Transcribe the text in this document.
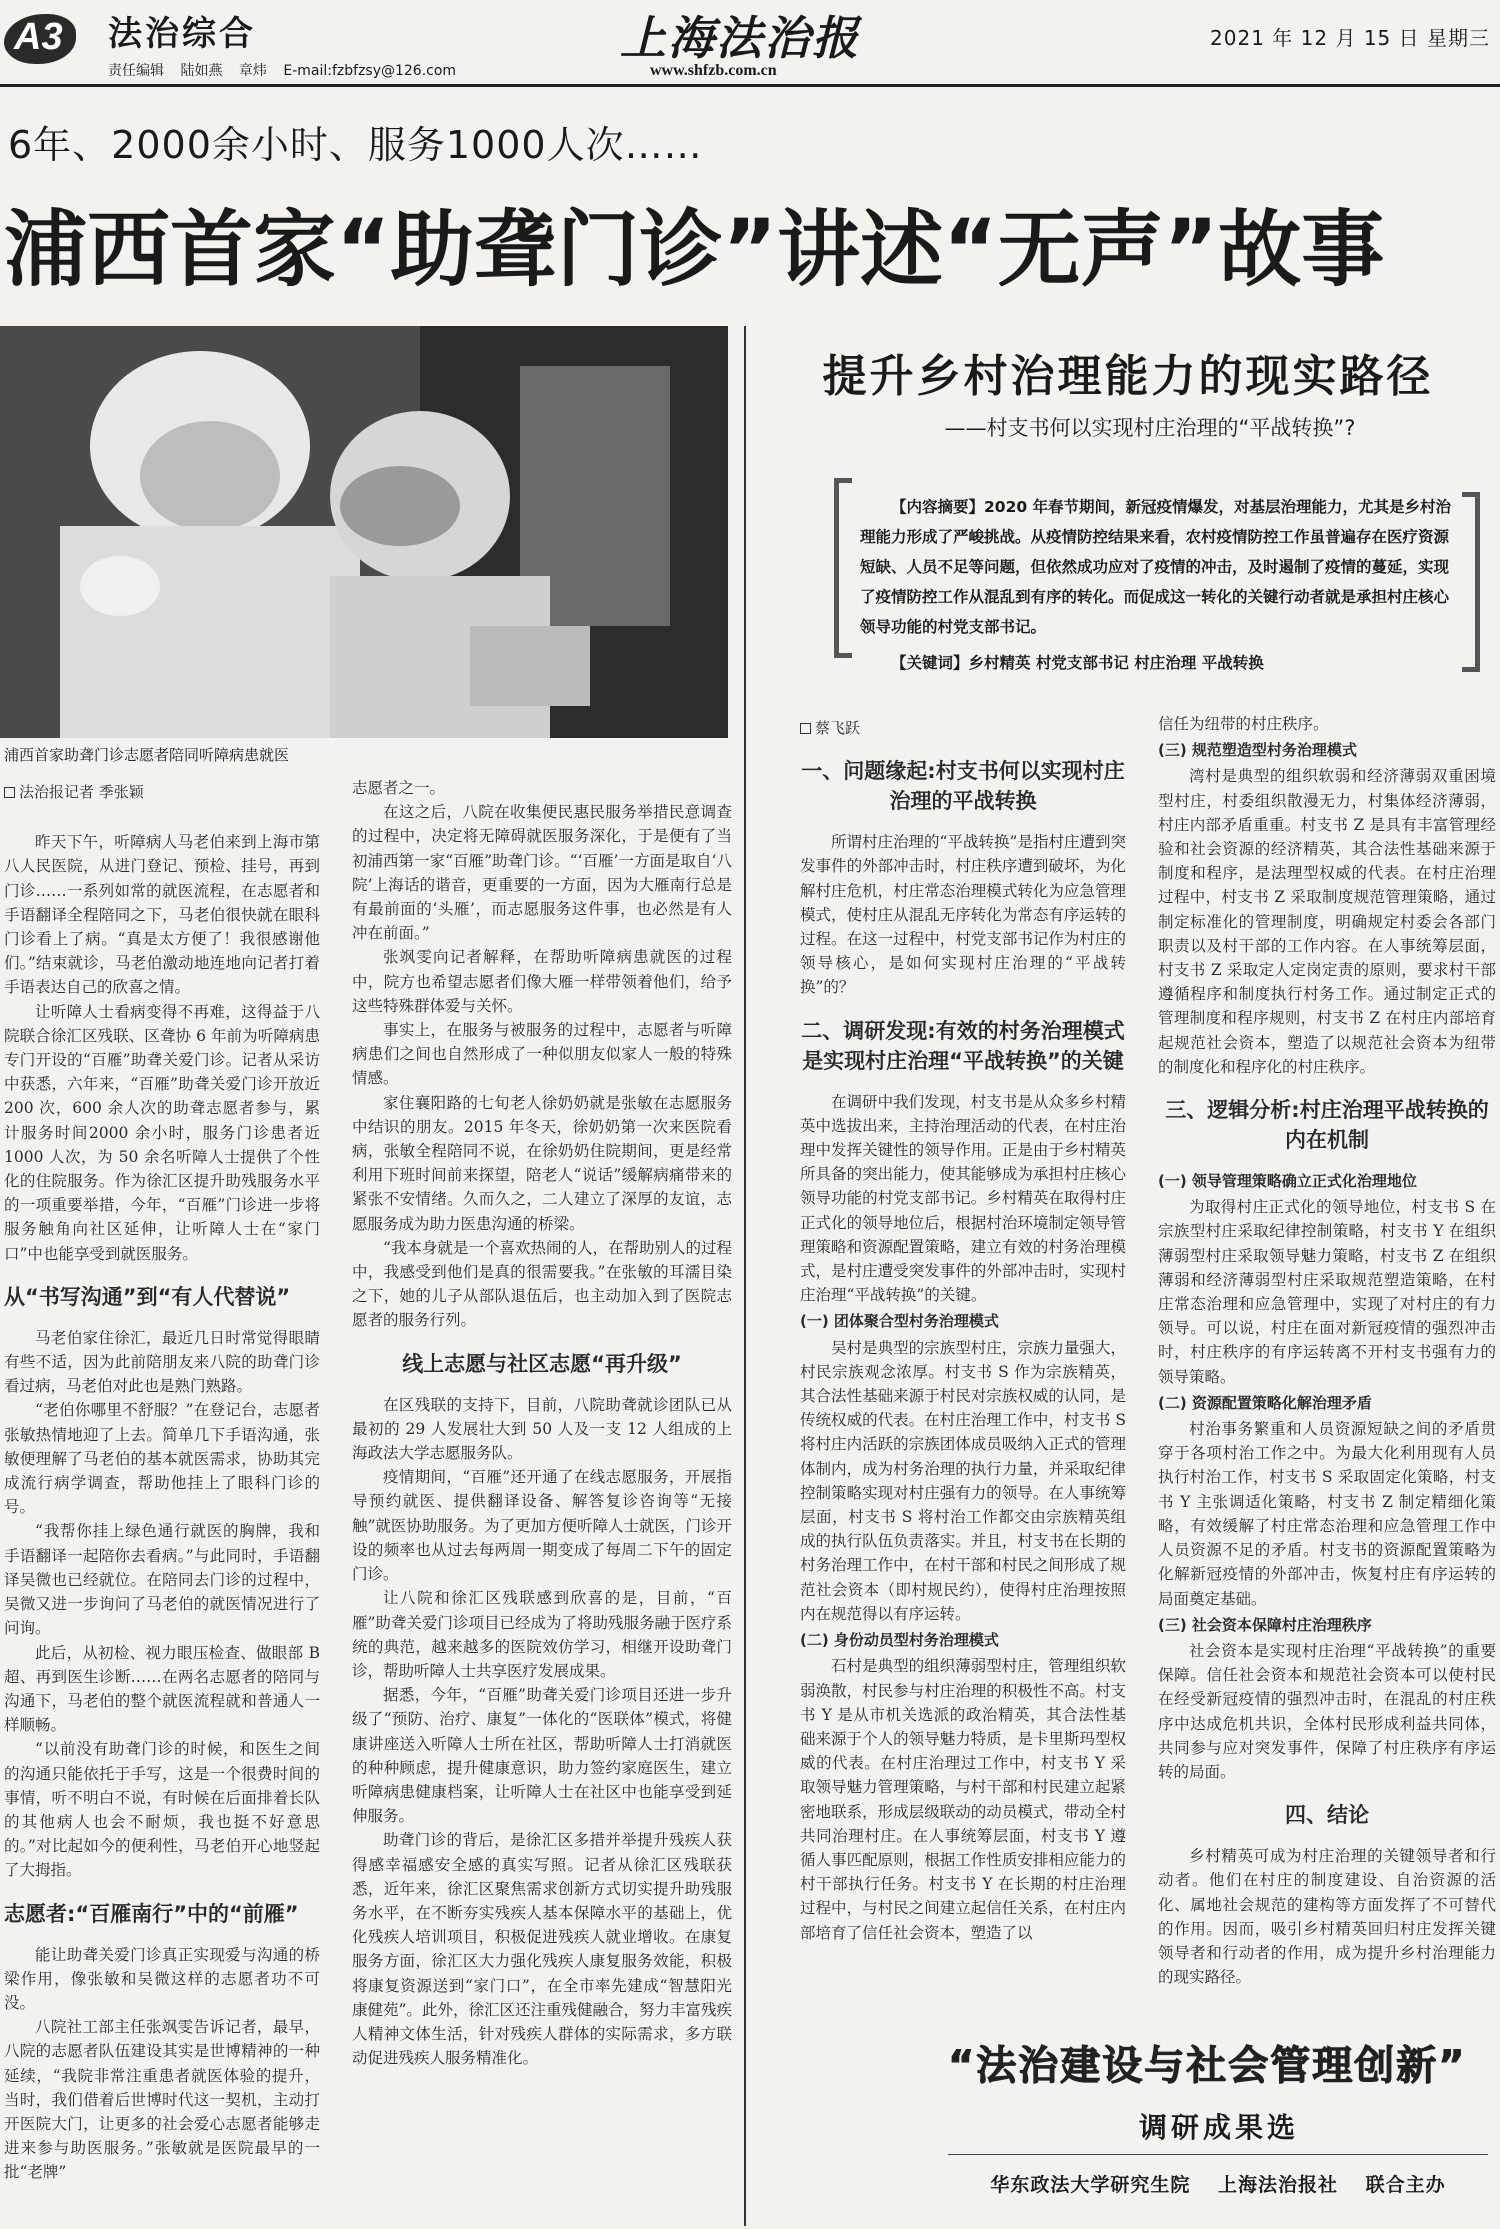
A3 法治综合
责任编辑 陆如燕 章炜 E-mail:fzbfzsy@126.com
上海法治报
www.shfzb.com.cn
2021 年 12 月 15 日 星期三
6年、2000余小时、服务1000人次……
浦西首家“助聋门诊”讲述“无声”故事
浦西首家助聋门诊志愿者陪同听障病患就医
法治报记者 季张颖

昨天下午，听障病人马老伯来到上海市第八人民医院，从进门登记、预检、挂号，再到门诊……一系列如常的就医流程，在志愿者和手语翻译全程陪同之下，马老伯很快就在眼科门诊看上了病。“真是太方便了！我很感谢他们。”结束就诊，马老伯激动地连地向记者打着手语表达自己的欣喜之情。

让听障人士看病变得不再难，这得益于八院联合徐汇区残联、区聋协 6 年前为听障病患专门开设的“百雁”助聋关爱门诊。记者从采访中获悉，六年来，“百雁”助聋关爱门诊开放近 200 次，600 余人次的助聋志愿者参与，累计服务时间2000 余小时，服务门诊患者近 1000 人次，为 50 余名听障人士提供了个性化的住院服务。作为徐汇区提升助残服务水平的一项重要举措，今年，“百雁”门诊进一步将服务触角向社区延伸，让听障人士在“家门口”中也能享受到就医服务。

从“书写沟通”到“有人代替说”

马老伯家住徐汇，最近几日时常觉得眼睛有些不适，因为此前陪朋友来八院的助聋门诊看过病，马老伯对此也是熟门熟路。

“老伯你哪里不舒服？”在登记台，志愿者张敏热情地迎了上去。简单几下手语沟通，张敏便理解了马老伯的基本就医需求，协助其完成流行病学调查，帮助他挂上了眼科门诊的号。

“我帮你挂上绿色通行就医的胸牌，我和手语翻译一起陪你去看病。”与此同时，手语翻译吴微也已经就位。在陪同去门诊的过程中，吴微又进一步询问了马老伯的就医情况进行了问询。

此后，从初检、视力眼压检查、做眼部 B 超、再到医生诊断……在两名志愿者的陪同与沟通下，马老伯的整个就医流程就和普通人一样顺畅。

“以前没有助聋门诊的时候，和医生之间的沟通只能依托于手写，这是一个很费时间的事情，听不明白不说，有时候在后面排着长队的其他病人也会不耐烦，我也挺不好意思的。”对比起如今的便利性，马老伯开心地竖起了大拇指。

志愿者:“百雁南行”中的“前雁”

能让助聋关爱门诊真正实现爱与沟通的桥梁作用，像张敏和吴微这样的志愿者功不可没。

八院社工部主任张飒雯告诉记者，最早，八院的志愿者队伍建设其实是世博精神的一种延续，“我院非常注重患者就医体验的提升，当时，我们借着后世博时代这一契机，主动打开医院大门，让更多的社会爱心志愿者能够走进来参与助医服务。”张敏就是医院最早的一批“老牌”

志愿者之一。

在这之后，八院在收集便民惠民服务举措民意调查的过程中，决定将无障碍就医服务深化，于是便有了当初浦西第一家“百雁”助聋门诊。“‘百雁’一方面是取自‘八院’上海话的谐音，更重要的一方面，因为大雁南行总是有最前面的‘头雁’，而志愿服务这件事，也必然是有人冲在前面。”

张飒雯向记者解释，在帮助听障病患就医的过程中，院方也希望志愿者们像大雁一样带领着他们，给予这些特殊群体爱与关怀。

事实上，在服务与被服务的过程中，志愿者与听障病患们之间也自然形成了一种似朋友似家人一般的特殊情感。

家住襄阳路的七旬老人徐奶奶就是张敏在志愿服务中结识的朋友。2015 年冬天，徐奶奶第一次来医院看病，张敏全程陪同不说，在徐奶奶住院期间，更是经常利用下班时间前来探望，陪老人“说话”缓解病痛带来的紧张不安情绪。久而久之，二人建立了深厚的友谊，志愿服务成为助力医患沟通的桥梁。

“我本身就是一个喜欢热闹的人，在帮助别人的过程中，我感受到他们是真的很需要我。”在张敏的耳濡目染之下，她的儿子从部队退伍后，也主动加入到了医院志愿者的服务行列。

线上志愿与社区志愿“再升级”

在区残联的支持下，目前，八院助聋就诊团队已从最初的 29 人发展壮大到 50 人及一支 12 人组成的上海政法大学志愿服务队。

疫情期间，“百雁”还开通了在线志愿服务，开展指导预约就医、提供翻译设备、解答复诊咨询等“无接触”就医协助服务。为了更加方便听障人士就医，门诊开设的频率也从过去每两周一期变成了每周二下午的固定门诊。

让八院和徐汇区残联感到欣喜的是，目前，“百雁”助聋关爱门诊项目已经成为了将助残服务融于医疗系统的典范，越来越多的医院效仿学习，相继开设助聋门诊，帮助听障人士共享医疗发展成果。

据悉，今年，“百雁”助聋关爱门诊项目还进一步升级了“预防、治疗、康复”一体化的“医联体”模式，将健康讲座送入听障人士所在社区，帮助听障人士打消就医的种种顾虑，提升健康意识，助力签约家庭医生，建立听障病患健康档案，让听障人士在社区中也能享受到延伸服务。

助聋门诊的背后，是徐汇区多措并举提升残疾人获得感幸福感安全感的真实写照。记者从徐汇区残联获悉，近年来，徐汇区聚焦需求创新方式切实提升助残服务水平，在不断夯实残疾人基本保障水平的基础上，优化残疾人培训项目，积极促进残疾人就业增收。在康复服务方面，徐汇区大力强化残疾人康复服务效能，积极将康复资源送到“家门口”，在全市率先建成“智慧阳光康健苑”。此外，徐汇区还注重残健融合，努力丰富残疾人精神文体生活，针对残疾人群体的实际需求，多方联动促进残疾人服务精准化。

提升乡村治理能力的现实路径
——村支书何以实现村庄治理的“平战转换”?

【内容摘要】2020 年春节期间，新冠疫情爆发，对基层治理能力，尤其是乡村治理能力形成了严峻挑战。从疫情防控结果来看，农村疫情防控工作虽普遍存在医疗资源短缺、人员不足等问题，但依然成功应对了疫情的冲击，及时遏制了疫情的蔓延，实现了疫情防控工作从混乱到有序的转化。而促成这一转化的关键行动者就是承担村庄核心领导功能的村党支部书记。

【关键词】乡村精英 村党支部书记 村庄治理 平战转换

蔡飞跃
一、问题缘起:村支书何以实现村庄治理的平战转换

所谓村庄治理的“平战转换”是指村庄遭到突发事件的外部冲击时，村庄秩序遭到破坏，为化解村庄危机，村庄常态治理模式转化为应急管理模式，使村庄从混乱无序转化为常态有序运转的过程。在这一过程中，村党支部书记作为村庄的领导核心，是如何实现村庄治理的“平战转换”的？

二、调研发现:有效的村务治理模式是实现村庄治理“平战转换”的关键

在调研中我们发现，村支书是从众多乡村精英中选拔出来，主持治理活动的代表，在村庄治理中发挥关键性的领导作用。正是由于乡村精英所具备的突出能力，使其能够成为承担村庄核心领导功能的村党支部书记。乡村精英在取得村庄正式化的领导地位后，根据村治环境制定领导管理策略和资源配置策略，建立有效的村务治理模式，是村庄遭受突发事件的外部冲击时，实现村庄治理“平战转换”的关键。

(一) 团体聚合型村务治理模式

吴村是典型的宗族型村庄，宗族力量强大，村民宗族观念浓厚。村支书 S 作为宗族精英，其合法性基础来源于村民对宗族权威的认同，是传统权威的代表。在村庄治理工作中，村支书 S 将村庄内活跃的宗族团体成员吸纳入正式的管理体制内，成为村务治理的执行力量，并采取纪律控制策略实现对村庄强有力的领导。在人事统筹层面，村支书 S 将村治工作都交由宗族精英组成的执行队伍负责落实。并且，村支书在长期的村务治理工作中，在村干部和村民之间形成了规范社会资本（即村规民约），使得村庄治理按照内在规范得以有序运转。

(二) 身份动员型村务治理模式

石村是典型的组织薄弱型村庄，管理组织软弱涣散，村民参与村庄治理的积极性不高。村支书 Y 是从市机关选派的政治精英，其合法性基础来源于个人的领导魅力特质，是卡里斯玛型权威的代表。在村庄治理过工作中，村支书 Y 采取领导魅力管理策略，与村干部和村民建立起紧密地联系，形成层级联动的动员模式，带动全村共同治理村庄。在人事统筹层面，村支书 Y 遵循人事匹配原则，根据工作性质安排相应能力的村干部执行任务。村支书 Y 在长期的村庄治理过程中，与村民之间建立起信任关系，在村庄内部培育了信任社会资本，塑造了以

信任为纽带的村庄秩序。

(三) 规范塑造型村务治理模式

湾村是典型的组织软弱和经济薄弱双重困境型村庄，村委组织散漫无力，村集体经济薄弱，村庄内部矛盾重重。村支书 Z 是具有丰富管理经验和社会资源的经济精英，其合法性基础来源于制度和程序，是法理型权威的代表。在村庄治理过程中，村支书 Z 采取制度规范管理策略，通过制定标准化的管理制度，明确规定村委会各部门职责以及村干部的工作内容。在人事统筹层面，村支书 Z 采取定人定岗定责的原则，要求村干部遵循程序和制度执行村务工作。通过制定正式的管理制度和程序规则，村支书 Z 在村庄内部培育起规范社会资本，塑造了以规范社会资本为纽带的制度化和程序化的村庄秩序。

三、逻辑分析:村庄治理平战转换的内在机制
(一) 领导管理策略确立正式化治理地位

为取得村庄正式化的领导地位，村支书 S 在宗族型村庄采取纪律控制策略，村支书 Y 在组织薄弱型村庄采取领导魅力策略，村支书 Z 在组织薄弱和经济薄弱型村庄采取规范塑造策略，在村庄常态治理和应急管理中，实现了对村庄的有力领导。可以说，村庄在面对新冠疫情的强烈冲击时，村庄秩序的有序运转离不开村支书强有力的领导策略。

(二) 资源配置策略化解治理矛盾

村治事务繁重和人员资源短缺之间的矛盾贯穿于各项村治工作之中。为最大化利用现有人员执行村治工作，村支书 S 采取固定化策略，村支书 Y 主张调适化策略，村支书 Z 制定精细化策略，有效缓解了村庄常态治理和应急管理工作中人员资源不足的矛盾。村支书的资源配置策略为化解新冠疫情的外部冲击，恢复村庄有序运转的局面奠定基础。

(三) 社会资本保障村庄治理秩序

社会资本是实现村庄治理“平战转换”的重要保障。信任社会资本和规范社会资本可以使村民在经受新冠疫情的强烈冲击时，在混乱的村庄秩序中达成危机共识，全体村民形成利益共同体，共同参与应对突发事件，保障了村庄秩序有序运转的局面。

四、结论

乡村精英可成为村庄治理的关键领导者和行动者。他们在村庄的制度建设、自治资源的活化、属地社会规范的建构等方面发挥了不可替代的作用。因而，吸引乡村精英回归村庄发挥关键领导者和行动者的作用，成为提升乡村治理能力的现实路径。

“法治建设与社会管理创新”
调研成果选
华东政法大学研究生院 上海法治报社 联合主办
